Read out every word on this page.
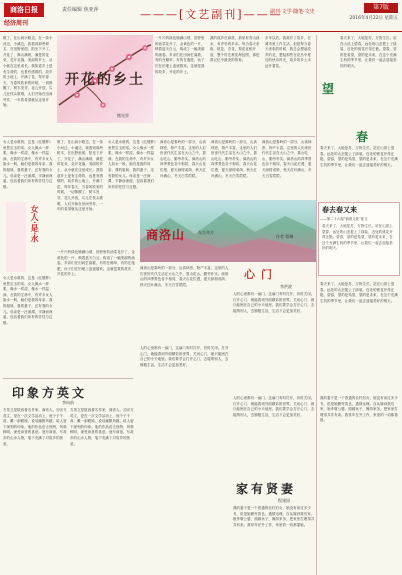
商洛日报
经济周刊
责任编辑 焦亚萍	———[文艺副刊]———
副刊·文学·随笔·文史
第7版
2016年4月22日 星期五
散了，在山间小路边，在一条小河边，小溪边，我看到那些树木，在田野里面，阳光下开了，开花了，满山满坡，满是的花朵，花开花落，美丽的乡土，从小就在这里成长。我知道乡土是有生命的，也是有感情的，故乡的土地上，开满了花，每年春天，当春风吹来的时候，一切都醒了，树木发芽，花儿开放，鸟儿在枝头歌唱，人们开始在田间劳作，一年的希望就从这里开始。
开花的乡土
熊光荣
一片片的绿色铺满山坡，田野里的油菜花开了，金黄色的一片，映着蓝天白云，构成了一幅美丽的画卷。乡亲们在田间忙碌着，有的在锄草，有的在施肥，孩子们在田埂上追逐嬉戏。这就是我的故乡，开花的乡土。
我的故乡在商洛，那里有青山绿水，有淳朴的乡亲。每当春天来临，桃花、杏花、梨花竞相开放，整个村庄被花海包围，那是我记忆中最美的景象。
多年以后，我离开了故乡，在城市里工作生活，但是每当春天来临的时候，我总会想起故乡的花，想起那些在花丛中度过的快乐时光，故乡的乡土永远开着花。
望
春
春天来了，大地复苏，万物生长。站在山顶上望春，远处的山峦披上了绿装，近处的桃花开得正艳。望春，望的是希望，望的是未来，在这个充满生机的季节里，让我们一起去迎接美好的明天。
春天来了，大地复苏，万物生长。站在山顶上望春，远处的山峦披上了绿装，近处的桃花开得正艳。望春，望的是希望，望的是未来，在这个充满生机的季节里，让我们一起去迎接美好的明天。
春去春又来
——第二十六届“商洛文化”征文
春天来了，大地复苏，万物生长。站在山顶上望春，远处的山峦披上了绿装，近处的桃花开得正艳。望春，望的是希望，望的是未来，在这个充满生机的季节里，让我们一起去迎接美好的明天。
女人是水做的，这是《红楼梦》里贾宝玉的话。女人像水一样柔，像水一样清，像水一样温润。在我的生命中，有许多女人如水一般，她们是我的母亲、我的姐妹、我的妻子，还有我的女儿。母亲是一汪深潭，平静而深邃，包容着我们所有的任性与过错。
女人·是·水
女人是水做的，这是《红楼梦》里贾宝玉的话。女人像水一样柔，像水一样清，像水一样温润。在我的生命中，有许多女人如水一般，她们是我的母亲、我的姐妹、我的妻子，还有我的女儿。母亲是一汪深潭，平静而深邃，包容着我们所有的任性与过错。
散了，在山间小路边，在一条小河边，小溪边，我看到那些树木，在田野里面，阳光下开了，开花了，满山满坡，满是的花朵，花开花落，美丽的乡土，从小就在这里成长。我知道乡土是有生命的，也是有感情的，故乡的土地上，开满了花，每年春天，当春风吹来的时候，一切都醒了，树木发芽，花儿开放，鸟儿在枝头歌唱，人们开始在田间劳作，一年的希望就从这里开始。
女人是水做的，这是《红楼梦》里贾宝玉的话。女人像水一样柔，像水一样清，像水一样温润。在我的生命中，有许多女人如水一般，她们是我的母亲、我的姐妹、我的妻子，还有我的女儿。母亲是一汪深潭，平静而深邃，包容着我们所有的任性与过错。
商洛山	东方奇方
作者 程琳
商洛山是秦岭的一部分，山高林密，物产丰富。这里的人们世世代代生活在大山之中，靠山吃山，勤劳朴实。商洛山的四季景色各不相同，春天山花烂漫，夏天绿树成荫，秋天红叶满山，冬天白雪皑皑。
商洛山是秦岭的一部分，山高林密，物产丰富。这里的人们世世代代生活在大山之中，靠山吃山，勤劳朴实。商洛山的四季景色各不相同，春天山花烂漫，夏天绿树成荫，秋天红叶满山，冬天白雪皑皑。
商洛山是秦岭的一部分，山高林密，物产丰富。这里的人们世世代代生活在大山之中，靠山吃山，勤劳朴实。商洛山的四季景色各不相同，春天山花烂漫，夏天绿树成荫，秋天红叶满山，冬天白雪皑皑。
一片片的绿色铺满山坡，田野里的油菜花开了，金黄色的一片，映着蓝天白云，构成了一幅美丽的画卷。乡亲们在田间忙碌着，有的在锄草，有的在施肥，孩子们在田埂上追逐嬉戏。这就是我的故乡，开花的乡土。
商洛山是秦岭的一部分，山高林密，物产丰富。这里的人们世世代代生活在大山之中，靠山吃山，勤劳朴实。商洛山的四季景色各不相同，春天山花烂漫，夏天绿树成荫，秋天红叶满山，冬天白雪皑皑。
心门
李洪波
人的心里都有一扇门，这扇门有时打开，有时关闭。打开心门，就能看到外面精彩的世界，关闭心门，就只能困在自己的小天地里。我们要学会打开心门，去接纳别人，去拥抱生活，生活才会更加美好。
春天来了，大地复苏，万物生长。站在山顶上望春，远处的山峦披上了绿装，近处的桃花开得正艳。望春，望的是希望，望的是未来，在这个充满生机的季节里，让我们一起去迎接美好的明天。
印象方英文
李向前
方英文是陕西著名作家，商洛人。初识方英文，是在一次文学活动上，他个子不高，戴一副眼镜，说话幽默风趣，给人留下深刻的印象。他的作品语言独特，风格鲜明，深受读者的喜爱。他写商洛，写故乡的山水人物，笔下充满了对故乡的热爱。
方英文是陕西著名作家，商洛人。初识方英文，是在一次文学活动上，他个子不高，戴一副眼镜，说话幽默风趣，给人留下深刻的印象。他的作品语言独特，风格鲜明，深受读者的喜爱。他写商洛，写故乡的山水人物，笔下充满了对故乡的热爱。
人的心里都有一扇门，这扇门有时打开，有时关闭。打开心门，就能看到外面精彩的世界，关闭心门，就只能困在自己的小天地里。我们要学会打开心门，去接纳别人，去拥抱生活，生活才会更加美好。
人的心里都有一扇门，这扇门有时打开，有时关闭。打开心门，就能看到外面精彩的世界，关闭心门，就只能困在自己的小天地里。我们要学会打开心门，去接纳别人，去拥抱生活，生活才会更加美好。
家有贤妻
程建国
我的妻子是一个普通的农村妇女，她没有读过多少书，但是她勤劳善良，通情达理。自从嫁到我们家，她孝敬公婆，照顾孩子，操持家务，把家里打理得井井有条。我常年在外工作，家里的一切都靠她。
我的妻子是一个普通的农村妇女，她没有读过多少书，但是她勤劳善良，通情达理。自从嫁到我们家，她孝敬公婆，照顾孩子，操持家务，把家里打理得井井有条。我常年在外工作，家里的一切都靠她。
